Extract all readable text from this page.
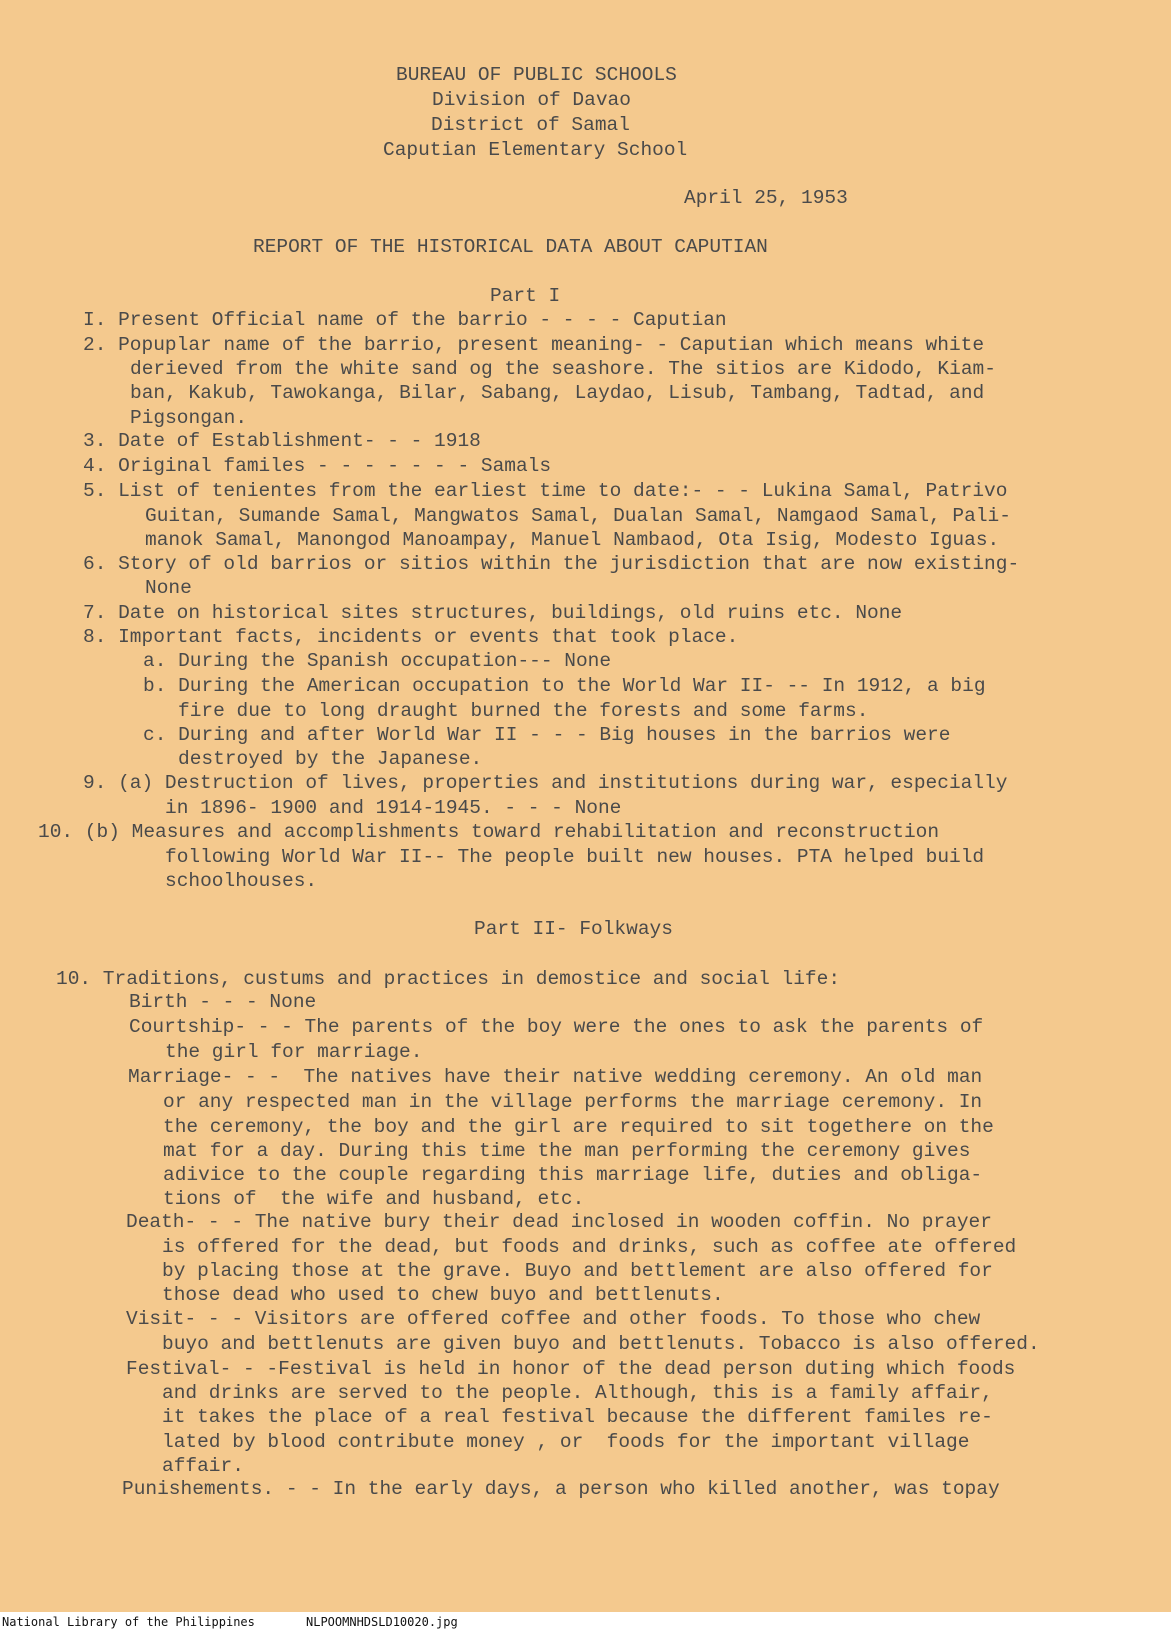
BUREAU OF PUBLIC SCHOOLS
Division of Davao
District of Samal
Caputian Elementary School
April 25, 1953
REPORT OF THE HISTORICAL DATA ABOUT CAPUTIAN
Part I
I. Present Official name of the barrio - - - - Caputian
2. Popuplar name of the barrio, present meaning- - Caputian which means white
derieved from the white sand og the seashore. The sitios are Kidodo, Kiam-
ban, Kakub, Tawokanga, Bilar, Sabang, Laydao, Lisub, Tambang, Tadtad, and
Pigsongan.
3. Date of Establishment- - - 1918
4. Original familes - - - - - - - Samals
5. List of tenientes from the earliest time to date:- - - Lukina Samal, Patrivo
Guitan, Sumande Samal, Mangwatos Samal, Dualan Samal, Namgaod Samal, Pali-
manok Samal, Manongod Manoampay, Manuel Nambaod, Ota Isig, Modesto Iguas.
6. Story of old barrios or sitios within the jurisdiction that are now existing-
None
7. Date on historical sites structures, buildings, old ruins etc. None
8. Important facts, incidents or events that took place.
a. During the Spanish occupation--- None
b. During the American occupation to the World War II- -- In 1912, a big
fire due to long draught burned the forests and some farms.
c. During and after World War II - - - Big houses in the barrios were
destroyed by the Japanese.
9. (a) Destruction of lives, properties and institutions during war, especially
in 1896- 1900 and 1914-1945. - - - None
10. (b) Measures and accomplishments toward rehabilitation and reconstruction
following World War II-- The people built new houses. PTA helped build
schoolhouses.
Part II- Folkways
10. Traditions, custums and practices in demostice and social life:
Birth - - - None
Courtship- - - The parents of the boy were the ones to ask the parents of
the girl for marriage.
Marriage- - -  The natives have their native wedding ceremony. An old man
or any respected man in the village performs the marriage ceremony. In
the ceremony, the boy and the girl are required to sit togethere on the
mat for a day. During this time the man performing the ceremony gives
adivice to the couple regarding this marriage life, duties and obliga-
tions of  the wife and husband, etc.
Death- - - The native bury their dead inclosed in wooden coffin. No prayer
is offered for the dead, but foods and drinks, such as coffee ate offered
by placing those at the grave. Buyo and bettlement are also offered for
those dead who used to chew buyo and bettlenuts.
Visit- - - Visitors are offered coffee and other foods. To those who chew
buyo and bettlenuts are given buyo and bettlenuts. Tobacco is also offered.
Festival- - -Festival is held in honor of the dead person duting which foods
and drinks are served to the people. Although, this is a family affair,
it takes the place of a real festival because the different familes re-
lated by blood contribute money , or  foods for the important village
affair.
Punishements. - - In the early days, a person who killed another, was topay
National Library of the Philippines	NLPOOMNHDSLD10020.jpg
